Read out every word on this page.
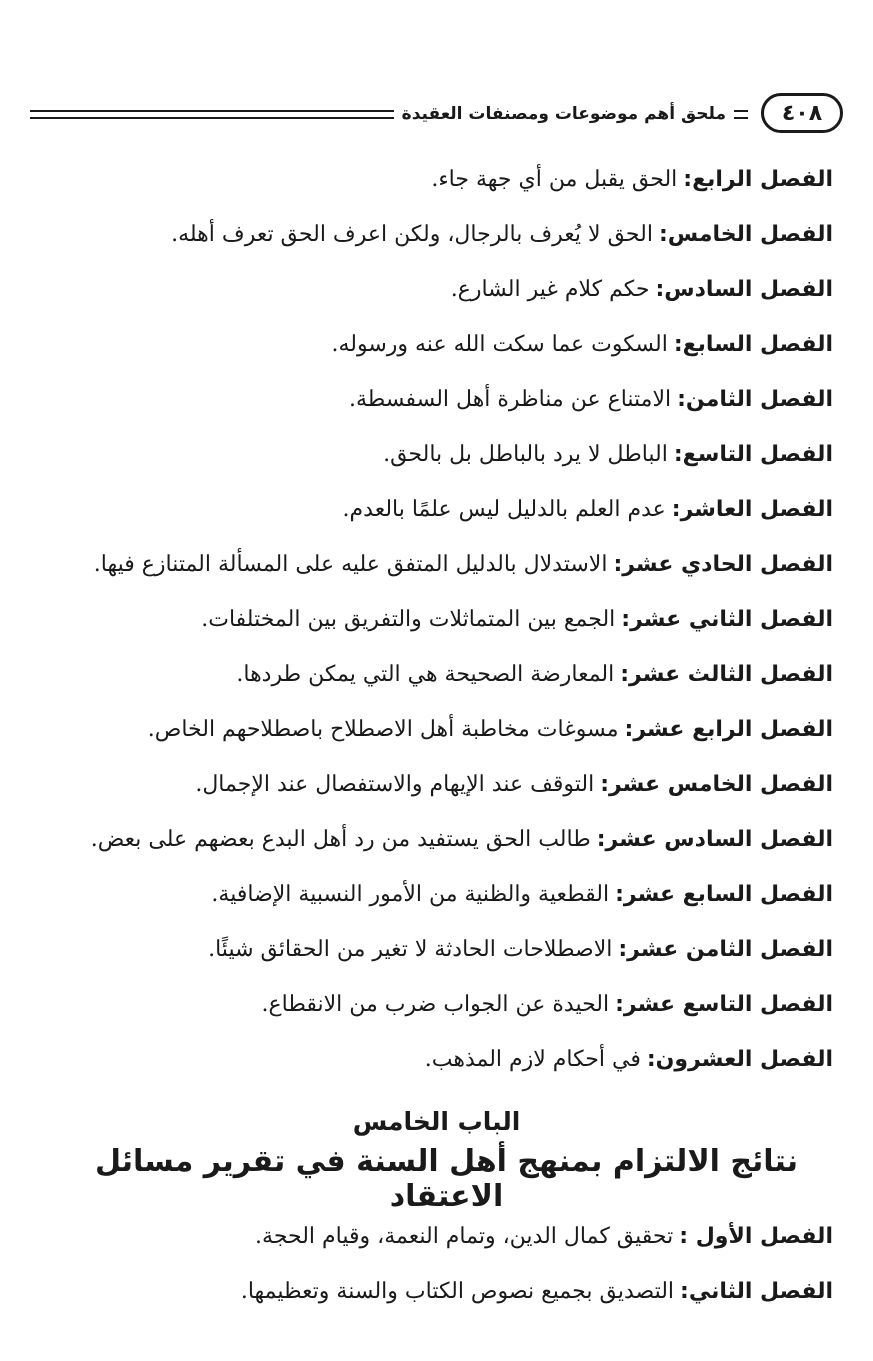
٤٠٨
ملحق أهم موضوعات ومصنفات العقيدة
الفصل الرابع:
الحق يقبل من أي جهة جاء.
الفصل الخامس:
الحق لا يُعرف بالرجال، ولكن اعرف الحق تعرف أهله.
الفصل السادس:
حكم كلام غير الشارع.
الفصل السابع:
السكوت عما سكت الله عنه ورسوله.
الفصل الثامن:
الامتناع عن مناظرة أهل السفسطة.
الفصل التاسع:
الباطل لا يرد بالباطل بل بالحق.
الفصل العاشر:
عدم العلم بالدليل ليس علمًا بالعدم.
الفصل الحادي عشر:
الاستدلال بالدليل المتفق عليه على المسألة المتنازع فيها.
الفصل الثاني عشر:
الجمع بين المتماثلات والتفريق بين المختلفات.
الفصل الثالث عشر:
المعارضة الصحيحة هي التي يمكن طردها.
الفصل الرابع عشر:
مسوغات مخاطبة أهل الاصطلاح باصطلاحهم الخاص.
الفصل الخامس عشر:
التوقف عند الإيهام والاستفصال عند الإجمال.
الفصل السادس عشر:
طالب الحق يستفيد من رد أهل البدع بعضهم على بعض.
الفصل السابع عشر:
القطعية والظنية من الأمور النسبية الإضافية.
الفصل الثامن عشر:
الاصطلاحات الحادثة لا تغير من الحقائق شيئًا.
الفصل التاسع عشر:
الحيدة عن الجواب ضرب من الانقطاع.
الفصل العشرون:
في أحكام لازم المذهب.
الباب الخامس
نتائج الالتزام بمنهج أهل السنة في تقرير مسائل الاعتقاد
الفصل الأول :
تحقيق كمال الدين، وتمام النعمة، وقيام الحجة.
الفصل الثاني:
التصديق بجميع نصوص الكتاب والسنة وتعظيمها.
